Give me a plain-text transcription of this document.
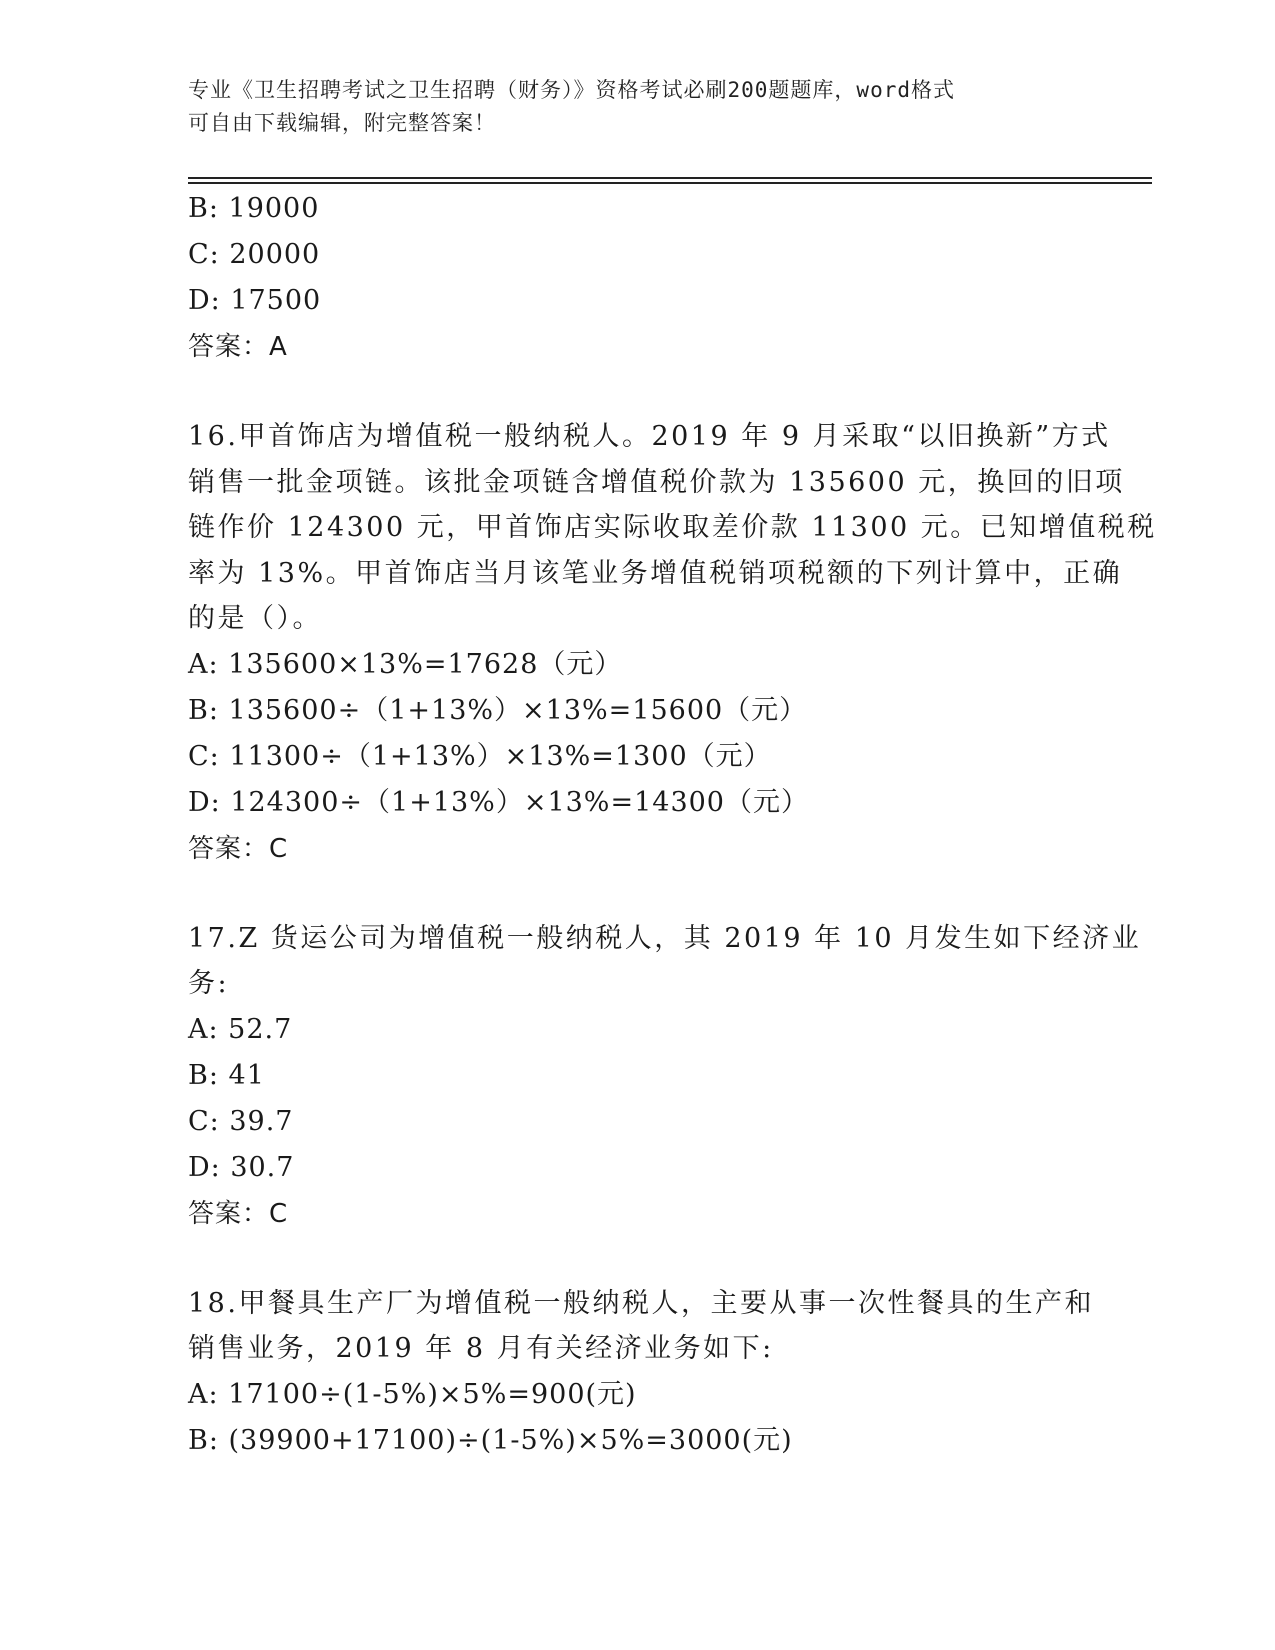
专业《卫生招聘考试之卫生招聘（财务）》资格考试必刷200题题库，word格式
可自由下载编辑，附完整答案！
B: 19000
C: 20000
D: 17500
答案：A
16.甲首饰店为增值税一般纳税人。2019 年 9 月采取“以旧换新”方式
销售一批金项链。该批金项链含增值税价款为 135600 元，换回的旧项
链作价 124300 元，甲首饰店实际收取差价款 11300 元。已知增值税税
率为 13%。甲首饰店当月该笔业务增值税销项税额的下列计算中，正确
的是（）。
A: 135600×13%=17628（元）
B: 135600÷（1+13%）×13%=15600（元）
C: 11300÷（1+13%）×13%=1300（元）
D: 124300÷（1+13%）×13%=14300（元）
答案：C
17.Z 货运公司为增值税一般纳税人，其 2019 年 10 月发生如下经济业
务:
A: 52.7
B: 41
C: 39.7
D: 30.7
答案：C
18.甲餐具生产厂为增值税一般纳税人，主要从事一次性餐具的生产和
销售业务，2019 年 8 月有关经济业务如下:
A: 17100÷(1-5%)×5%=900(元)
B: (39900+17100)÷(1-5%)×5%=3000(元)
